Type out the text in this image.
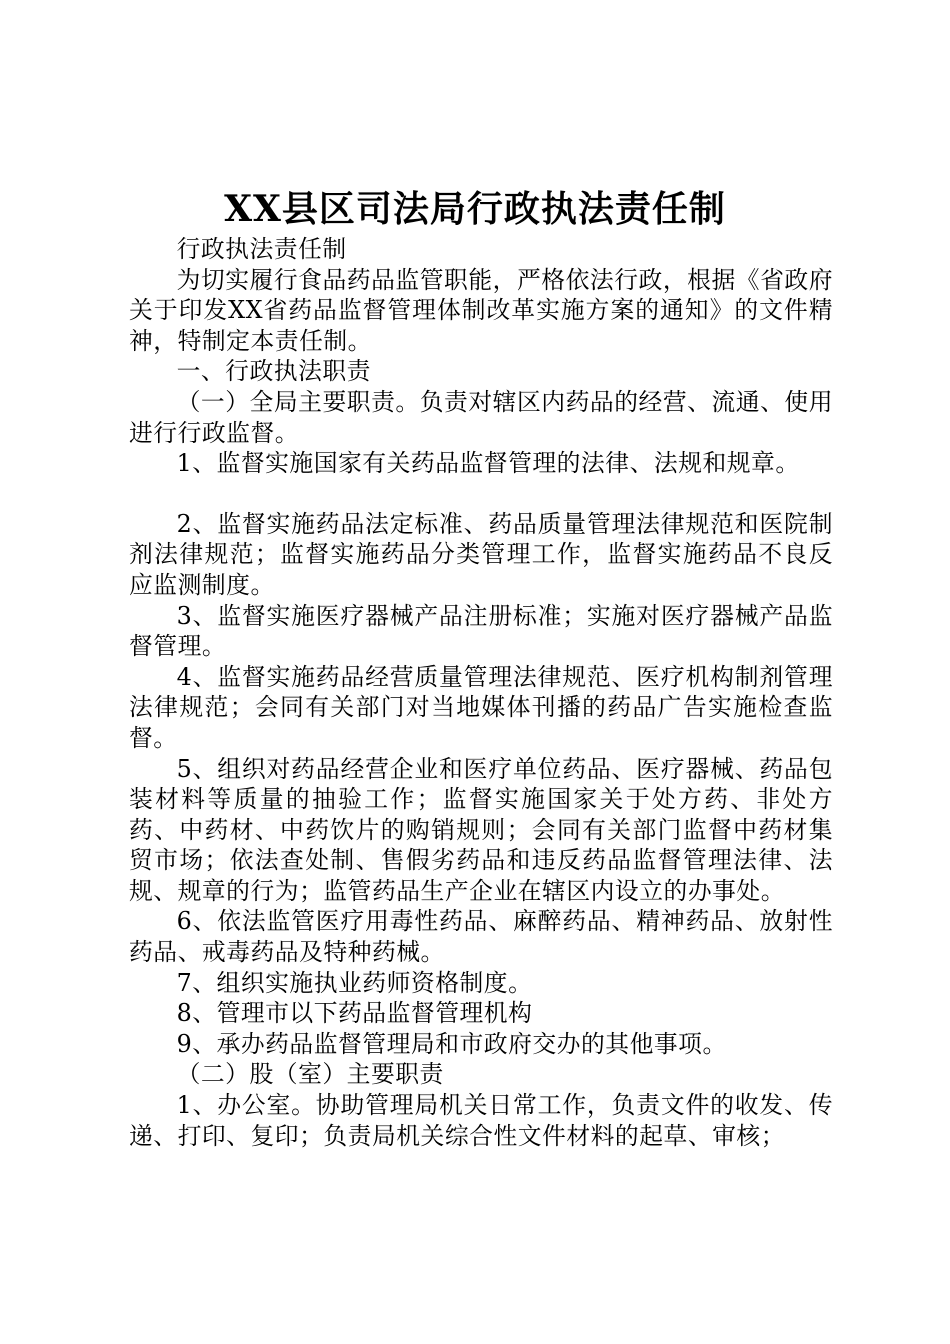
XX县区司法局行政执法责任制

行政执法责任制

为切实履行食品药品监管职能，严格依法行政，根据《省政府关于印发XX省药品监督管理体制改革实施方案的通知》的文件精神，特制定本责任制。

一、行政执法职责

（一）全局主要职责。负责对辖区内药品的经营、流通、使用进行行政监督。

1、监督实施国家有关药品监督管理的法律、法规和规章。

2、监督实施药品法定标准、药品质量管理法律规范和医院制剂法律规范；监督实施药品分类管理工作，监督实施药品不良反应监测制度。

3、监督实施医疗器械产品注册标准；实施对医疗器械产品监督管理。

4、监督实施药品经营质量管理法律规范、医疗机构制剂管理法律规范；会同有关部门对当地媒体刊播的药品广告实施检查监督。

5、组织对药品经营企业和医疗单位药品、医疗器械、药品包装材料等质量的抽验工作；监督实施国家关于处方药、非处方药、中药材、中药饮片的购销规则；会同有关部门监督中药材集贸市场；依法查处制、售假劣药品和违反药品监督管理法律、法规、规章的行为；监管药品生产企业在辖区内设立的办事处。

6、依法监管医疗用毒性药品、麻醉药品、精神药品、放射性药品、戒毒药品及特种药械。

7、组织实施执业药师资格制度。

8、管理市以下药品监督管理机构

9、承办药品监督管理局和市政府交办的其他事项。

（二）股（室）主要职责

1、办公室。协助管理局机关日常工作，负责文件的收发、传递、打印、复印；负责局机关综合性文件材料的起草、审核；
